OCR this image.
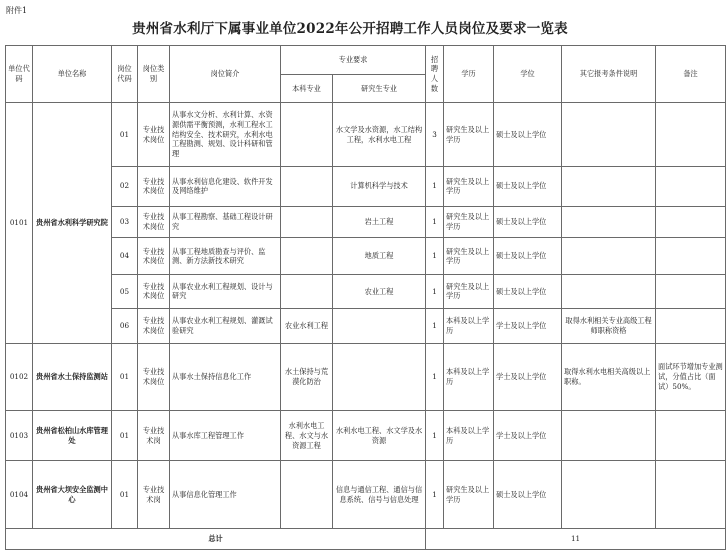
附件1
贵州省水利厅下属事业单位2022年公开招聘工作人员岗位及要求一览表
单位代码	单位名称	岗位代码	岗位类别	岗位简介	专业要求		招聘人数	学历	学位	其它报考条件说明	备注
					本科专业	研究生专业					
0101	贵州省水利科学研究院	01	专业技术岗位	从事水文分析、水利计算、水资源供需平衡预测，水利工程水工结构安全、技术研究，水利水电工程勘测、规划、设计科研和管理		水文学及水资源，水工结构工程，水利水电工程	3	研究生及以上学历	硕士及以上学位		
		02	专业技术岗位	从事水利信息化建设、软件开发及网络维护		计算机科学与技术	1	研究生及以上学历	硕士及以上学位		
		03	专业技术岗位	从事工程勘察、基础工程设计研究		岩土工程	1	研究生及以上学历	硕士及以上学位		
		04	专业技术岗位	从事工程地质勘查与评价、监测、新方法新技术研究		地质工程	1	研究生及以上学历	硕士及以上学位		
		05	专业技术岗位	从事农业水利工程规划、设计与研究		农业工程	1	研究生及以上学历	硕士及以上学位		
		06	专业技术岗位	从事农业水利工程规划、灌溉试验研究	农业水利工程		1	本科及以上学历	学士及以上学位	取得水利相关专业高级工程师职称资格	
0102	贵州省水土保持监测站	01	专业技术岗位	从事水土保持信息化工作	水土保持与荒漠化防治		1	本科及以上学历	学士及以上学位	取得水利水电相关高级以上职称。	面试环节增加专业测试，分值占比（面试）50%。
0103	贵州省松柏山水库管理处	01	专业技术岗	从事水库工程管理工作	水利水电工程、水文与水资源工程	水利水电工程、水文学及水资源	1	本科及以上学历	学士及以上学位		
0104	贵州省大坝安全监测中心	01	专业技术岗	从事信息化管理工作		信息与通信工程、通信与信息系统、信号与信息处理	1	研究生及以上学历	硕士及以上学位		
总计							11				
